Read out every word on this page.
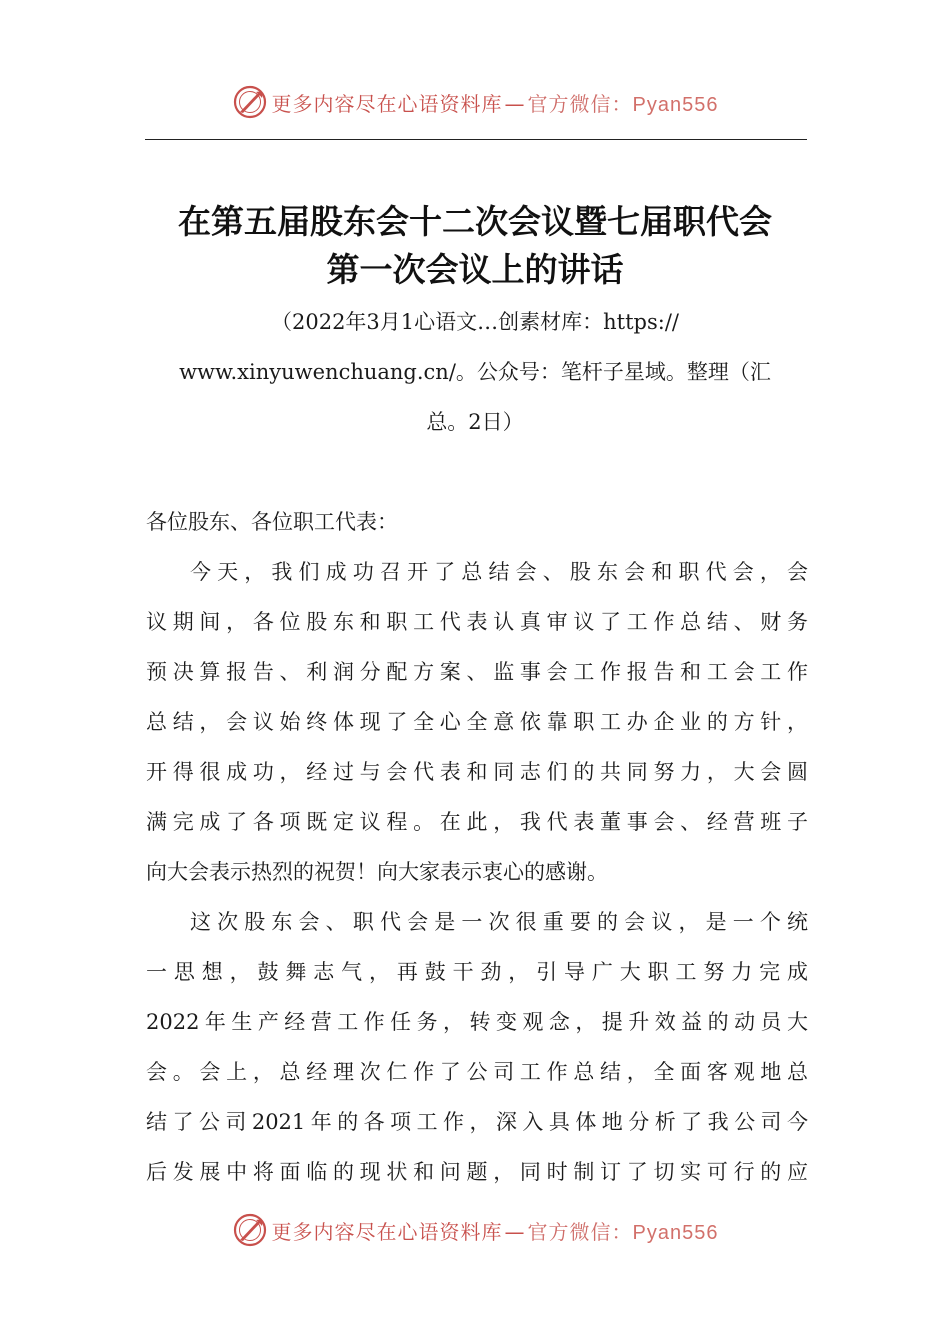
更多内容尽在心语资料库 — 官方微信：Pyan556
在第五届股东会十二次会议暨七届职代会
第一次会议上的讲话
（2022年3月1心语文…创素材库：https://
www.xinyuwenchuang.cn/。公众号：笔杆子星域。整理（汇
总。2日）
各位股东、各位职工代表：
今天，我们成功召开了总结会、股东会和职代会，会
议期间，各位股东和职工代表认真审议了工作总结、财务
预决算报告、利润分配方案、监事会工作报告和工会工作
总结，会议始终体现了全心全意依靠职工办企业的方针，
开得很成功，经过与会代表和同志们的共同努力，大会圆
满完成了各项既定议程。在此，我代表董事会、经营班子
向大会表示热烈的祝贺！向大家表示衷心的感谢。
这次股东会、职代会是一次很重要的会议，是一个统
一思想，鼓舞志气，再鼓干劲，引导广大职工努力完成
2022年生产经营工作任务，转变观念，提升效益的动员大
会。会上，总经理次仁作了公司工作总结，全面客观地总
结了公司2021年的各项工作，深入具体地分析了我公司今
后发展中将面临的现状和问题，同时制订了切实可行的应
更多内容尽在心语资料库 — 官方微信：Pyan556
